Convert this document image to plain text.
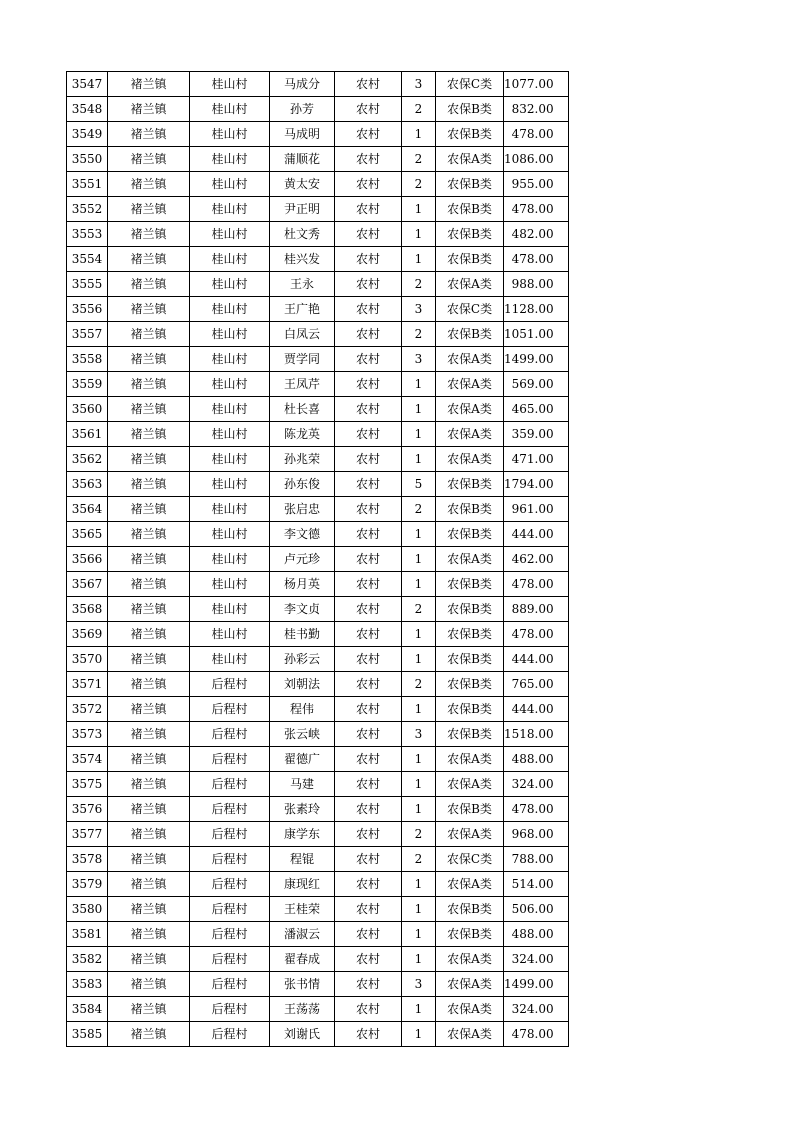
3547	褚兰镇	桂山村	马成分	农村	3	农保C类	1077.00
3548	褚兰镇	桂山村	孙芳	农村	2	农保B类	832.00
3549	褚兰镇	桂山村	马成明	农村	1	农保B类	478.00
3550	褚兰镇	桂山村	蒲顺花	农村	2	农保A类	1086.00
3551	褚兰镇	桂山村	黄太安	农村	2	农保B类	955.00
3552	褚兰镇	桂山村	尹正明	农村	1	农保B类	478.00
3553	褚兰镇	桂山村	杜文秀	农村	1	农保B类	482.00
3554	褚兰镇	桂山村	桂兴发	农村	1	农保B类	478.00
3555	褚兰镇	桂山村	王永	农村	2	农保A类	988.00
3556	褚兰镇	桂山村	王广艳	农村	3	农保C类	1128.00
3557	褚兰镇	桂山村	白凤云	农村	2	农保B类	1051.00
3558	褚兰镇	桂山村	贾学同	农村	3	农保A类	1499.00
3559	褚兰镇	桂山村	王凤芹	农村	1	农保A类	569.00
3560	褚兰镇	桂山村	杜长喜	农村	1	农保A类	465.00
3561	褚兰镇	桂山村	陈龙英	农村	1	农保A类	359.00
3562	褚兰镇	桂山村	孙兆荣	农村	1	农保A类	471.00
3563	褚兰镇	桂山村	孙东俊	农村	5	农保B类	1794.00
3564	褚兰镇	桂山村	张启忠	农村	2	农保B类	961.00
3565	褚兰镇	桂山村	李文德	农村	1	农保B类	444.00
3566	褚兰镇	桂山村	卢元珍	农村	1	农保A类	462.00
3567	褚兰镇	桂山村	杨月英	农村	1	农保B类	478.00
3568	褚兰镇	桂山村	李文贞	农村	2	农保B类	889.00
3569	褚兰镇	桂山村	桂书勤	农村	1	农保B类	478.00
3570	褚兰镇	桂山村	孙彩云	农村	1	农保B类	444.00
3571	褚兰镇	后程村	刘朝法	农村	2	农保B类	765.00
3572	褚兰镇	后程村	程伟	农村	1	农保B类	444.00
3573	褚兰镇	后程村	张云峡	农村	3	农保B类	1518.00
3574	褚兰镇	后程村	翟德广	农村	1	农保A类	488.00
3575	褚兰镇	后程村	马建	农村	1	农保A类	324.00
3576	褚兰镇	后程村	张素玲	农村	1	农保B类	478.00
3577	褚兰镇	后程村	康学东	农村	2	农保A类	968.00
3578	褚兰镇	后程村	程锟	农村	2	农保C类	788.00
3579	褚兰镇	后程村	康现红	农村	1	农保A类	514.00
3580	褚兰镇	后程村	王桂荣	农村	1	农保B类	506.00
3581	褚兰镇	后程村	潘淑云	农村	1	农保B类	488.00
3582	褚兰镇	后程村	翟春成	农村	1	农保A类	324.00
3583	褚兰镇	后程村	张书情	农村	3	农保A类	1499.00
3584	褚兰镇	后程村	王荡荡	农村	1	农保A类	324.00
3585	褚兰镇	后程村	刘谢氏	农村	1	农保A类	478.00
